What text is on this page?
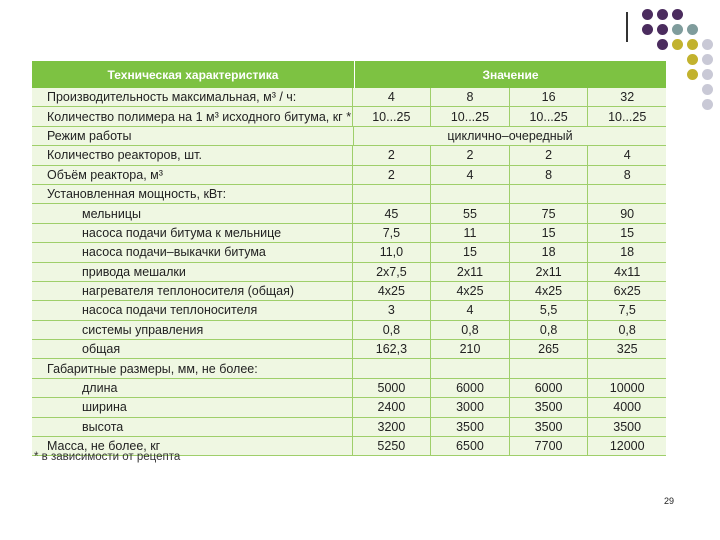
Техническая характеристика	Значение
Производительность максимальная, м³ / ч:	4	8	16	32
Количество полимера на 1 м³ исходного битума, кг *	10...25	10...25	10...25	10...25
Режим работы	циклично–очередный
Количество реакторов, шт.	2	2	2	4
Объём реактора, м³	2	4	8	8
Установленная мощность, кВт:
мельницы	45	55	75	90
насоса подачи битума к мельнице	7,5	11	15	15
насоса подачи–выкачки битума	11,0	15	18	18
привода мешалки	2x7,5	2x11	2x11	4x11
нагревателя теплоносителя (общая)	4x25	4x25	4x25	6x25
насоса подачи теплоносителя	3	4	5,5	7,5
системы управления	0,8	0,8	0,8	0,8
общая	162,3	210	265	325
Габаритные размеры, мм, не более:
длина	5000	6000	6000	10000
ширина	2400	3000	3500	4000
высота	3200	3500	3500	3500
Масса, не более, кг	5250	6500	7700	12000
* в зависимости от рецепта
29
